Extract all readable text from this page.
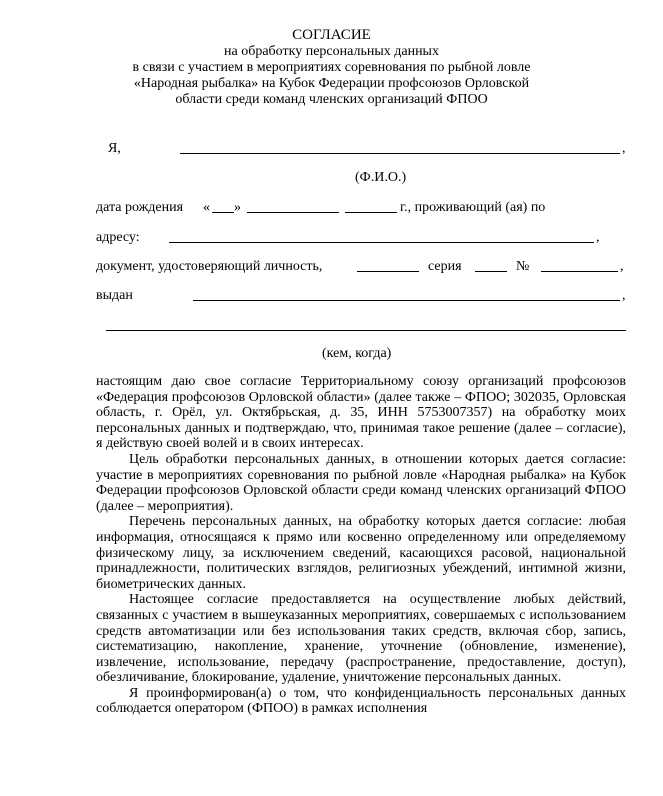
СОГЛАСИЕ
на обработку персональных данных
в связи с участием в мероприятиях соревнования по рыбной ловле
«Народная рыбалка» на Кубок Федерации профсоюзов Орловской
области среди команд членских организаций ФПОО
Я,	,
(Ф.И.О.)
дата рождения « »	г., проживающий (ая) по
адресу:	,
документ, удостоверяющий личность,	серия	№	,
выдан	,
(кем, когда)

настоящим даю свое согласие Территориальному союзу организаций профсоюзов «Федерация профсоюзов Орловской области» (далее также – ФПОО; 302035, Орловская область, г. Орёл, ул. Октябрьская, д. 35, ИНН 5753007357) на обработку моих персональных данных и подтверждаю, что, принимая такое решение (далее – согласие), я действую своей волей и в своих интересах.

Цель обработки персональных данных, в отношении которых дается согласие: участие в мероприятиях соревнования по рыбной ловле «Народная рыбалка» на Кубок Федерации профсоюзов Орловской области среди команд членских организаций ФПОО (далее – мероприятия).

Перечень персональных данных, на обработку которых дается согласие: любая информация, относящаяся к прямо или косвенно определенному или определяемому физическому лицу, за исключением сведений, касающихся расовой, национальной принадлежности, политических взглядов, религиозных убеждений, интимной жизни, биометрических данных.

Настоящее согласие предоставляется на осуществление любых действий, связанных с участием в вышеуказанных мероприятиях, совершаемых с использованием средств автоматизации или без использования таких средств, включая сбор, запись, систематизацию, накопление, хранение, уточнение (обновление, изменение), извлечение, использование, передачу (распространение, предоставление, доступ), обезличивание, блокирование, удаление, уничтожение персональных данных.

Я проинформирован(а) о том, что конфиденциальность персональных данных соблюдается оператором (ФПОО) в рамках исполнения
